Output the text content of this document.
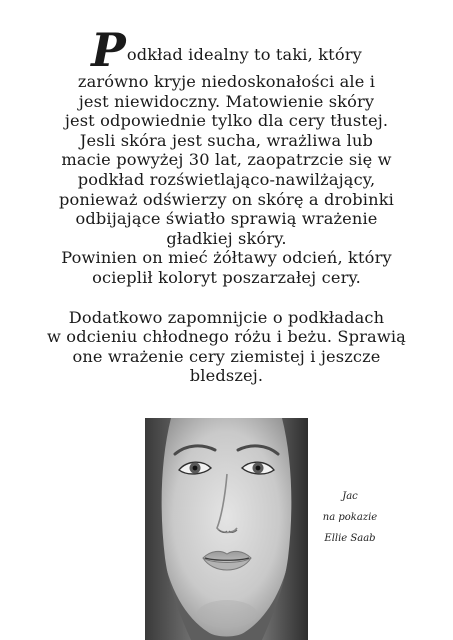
Podkład idealny to taki, który
zarówno kryje niedoskonałości ale i
jest niewidoczny. Matowienie skóry
jest odpowiednie tylko dla cery tłustej.
Jesli skóra jest sucha, wrażliwa lub
macie powyżej 30 lat, zaopatrzcie się w
podkład rozświetlająco-nawilżający,
ponieważ odświerzy on skórę a drobinki
odbijające światło sprawią wrażenie
gładkiej skóry.
Powinien on mieć żółtawy odcień, który
ocieplił koloryt poszarzałej cery.

Dodatkowo zapomnijcie o podkładach
w odcieniu chłodnego różu i beżu. Sprawią
one wrażenie cery ziemistej i jeszcze
bledszej.

Jac
na pokazie
Ellie Saab
